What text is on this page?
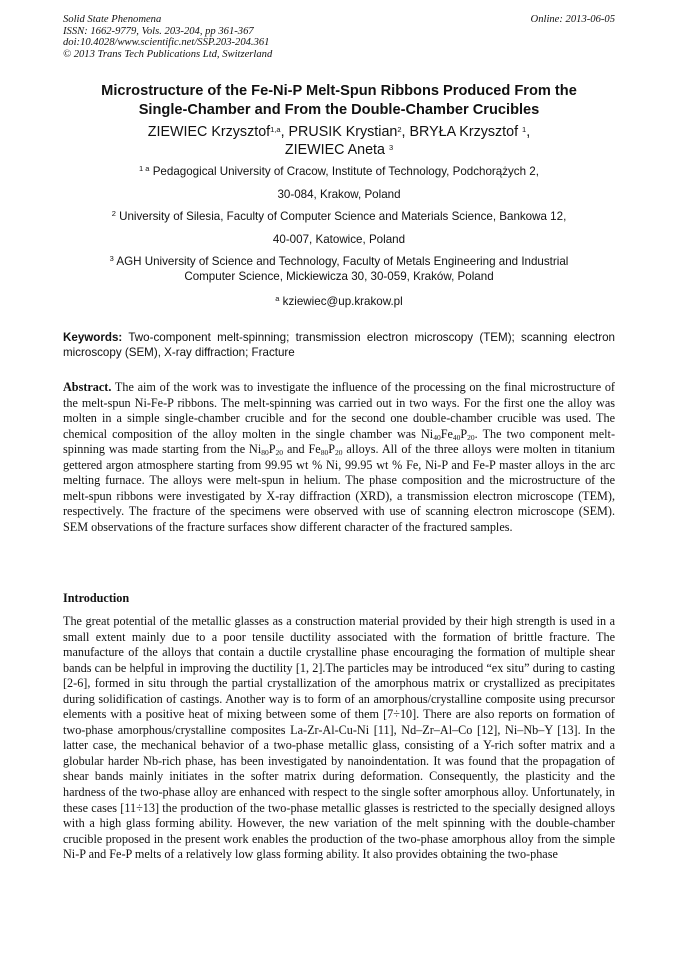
Solid State Phenomena
ISSN: 1662-9779, Vols. 203-204, pp 361-367
doi:10.4028/www.scientific.net/SSP.203-204.361
© 2013 Trans Tech Publications Ltd, Switzerland
Online: 2013-06-05
Microstructure of the Fe-Ni-P Melt-Spun Ribbons Produced From the
Single-Chamber and From the Double-Chamber Crucibles
ZIEWIEC Krzysztof$^{1,a}$, PRUSIK Krystian$^2$, BRYŁA Krzysztof $^1$,
ZIEWIEC Aneta $^3$
$^{1 a}$ Pedagogical University of Cracow, Institute of Technology, Podchorążych 2,
30-084, Krakow, Poland
$^2$ University of Silesia, Faculty of Computer Science and Materials Science, Bankowa 12,
40-007, Katowice, Poland
$^3$ AGH University of Science and Technology, Faculty of Metals Engineering and Industrial
Computer Science, Mickiewicza 30, 30-059, Kraków, Poland
$^a$ kziewiec@up.krakow.pl
Keywords: Two-component melt-spinning; transmission electron microscopy (TEM); scanning electron microscopy (SEM), X-ray diffraction; Fracture
Abstract. The aim of the work was to investigate the influence of the processing on the final microstructure of the melt-spun Ni-Fe-P ribbons. The melt-spinning was carried out in two ways. For the first one the alloy was molten in a simple single-chamber crucible and for the second one double-chamber crucible was used. The chemical composition of the alloy molten in the single chamber was $Ni_{40}Fe_{40}P_{20}$. The two component melt-spinning was made starting from the $Ni_{80}P_{20}$ and $Fe_{80}P_{20}$ alloys. All of the three alloys were molten in titanium gettered argon atmosphere starting from 99.95 wt % Ni, 99.95 wt % Fe, Ni-P and Fe-P master alloys in the arc melting furnace. The alloys were melt-spun in helium. The phase composition and the microstructure of the melt-spun ribbons were investigated by X-ray diffraction (XRD), a transmission electron microscope (TEM), respectively. The fracture of the specimens were observed with use of scanning electron microscope (SEM). SEM observations of the fracture surfaces show different character of the fractured samples.
Introduction
The great potential of the metallic glasses as a construction material provided by their high strength is used in a small extent mainly due to a poor tensile ductility associated with the formation of brittle fracture. The manufacture of the alloys that contain a ductile crystalline phase encouraging the formation of multiple shear bands can be helpful in improving the ductility [1, 2].The particles may be introduced “ex situ” during to casting [2-6], formed in situ through the partial crystallization of the amorphous matrix or crystallized as precipitates during solidification of castings. Another way is to form of an amorphous/crystalline composite using precursor elements with a positive heat of mixing between some of them [7÷10]. There are also reports on formation of two-phase amorphous/crystalline composites La-Zr-Al-Cu-Ni [11], Nd–Zr–Al–Co [12], Ni–Nb–Y [13]. In the latter case, the mechanical behavior of a two-phase metallic glass, consisting of a Y-rich softer matrix and a globular harder Nb-rich phase, has been investigated by nanoindentation. It was found that the propagation of shear bands mainly initiates in the softer matrix during deformation. Consequently, the plasticity and the hardness of the two-phase alloy are enhanced with respect to the single softer amorphous alloy. Unfortunately, in these cases [11÷13] the production of the two-phase metallic glasses is restricted to the specially designed alloys with a high glass forming ability. However, the new variation of the melt spinning with the double-chamber crucible proposed in the present work enables the production of the two-phase amorphous alloy from the simple Ni-P and Fe-P melts of a relatively low glass forming ability. It also provides obtaining the two-phase
